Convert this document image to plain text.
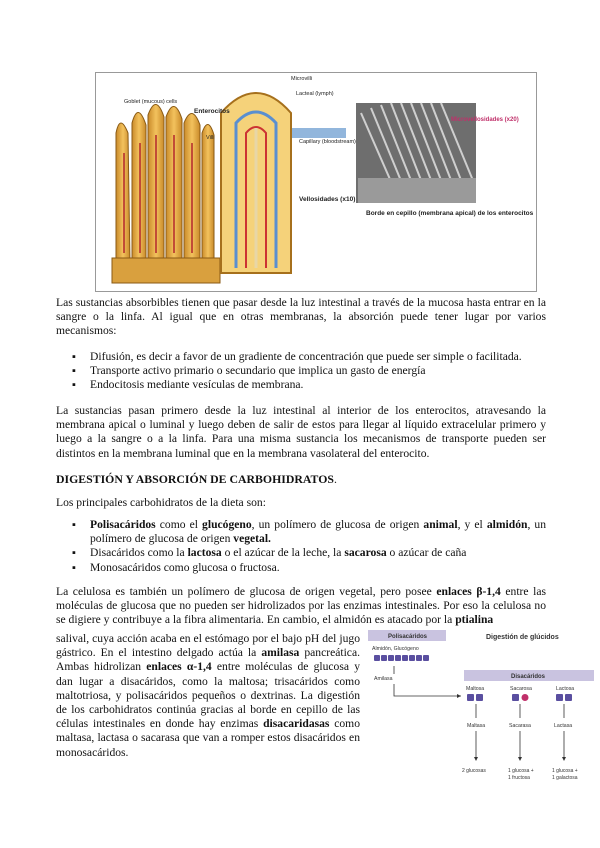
Microvilli
Lacteal (lymph)
Goblet (mucous) cells
Enterocitos
Villi
Capillary (bloodstream)
Vellosidades (x10)
Microvellosidades (x20)
Borde en cepillo (membrana apical) de los enterocitos

Las sustancias absorbibles tienen que pasar desde la luz intestinal a través de la mucosa hasta entrar en la sangre o la linfa. Al igual que en otras membranas, la absorción puede tener lugar por varios mecanismos:

▪ Difusión, es decir a favor de un gradiente de concentración que puede ser simple o facilitada.
▪ Transporte activo primario o secundario que implica un gasto de energía
▪ Endocitosis mediante vesículas de membrana.

La sustancias pasan primero desde la luz intestinal al interior de los enterocitos, atravesando la membrana apical o luminal y luego deben de salir de estos para llegar al líquido extracelular primero y luego a la sangre o a la linfa. Para una misma sustancia los mecanismos de transporte pueden ser distintos en la membrana luminal que en la membrana vasolateral del enterocito.

DIGESTIÓN Y ABSORCIÓN DE CARBOHIDRATOS.

Los principales carbohidratos de la dieta son:

▪ Polisacáridos como el glucógeno, un polímero de glucosa de origen animal, y el almidón, un polímero de glucosa de origen vegetal.
▪ Disacáridos como la lactosa o el azúcar de la leche, la sacarosa o azúcar de caña
▪ Monosacáridos como glucosa o fructosa.

La celulosa es también un polímero de glucosa de origen vegetal, pero posee enlaces β-1,4 entre las moléculas de glucosa que no pueden ser hidrolizados por las enzimas intestinales. Por eso la celulosa no se digiere y contribuye a la fibra alimentaria. En cambio, el almidón es atacado por la ptialina

salival, cuya acción acaba en el estómago por el bajo pH del jugo gástrico. En el intestino delgado actúa la amilasa pancreática. Ambas hidrolizan enlaces α-1,4 entre moléculas de glucosa y dan lugar a disacáridos, como la maltosa; trisacáridos como maltotriosa, y polisacáridos pequeños o dextrinas. La digestión de los carbohidratos continúa gracias al borde en cepillo de las células intestinales en donde hay enzimas disacaridasas como maltasa, lactasa o sacarasa que van a romper estos disacáridos en monosacáridos.

Polisacáridos	Digestión de glúcidos
Almidón, Glucógeno
Amilasa	Disacáridos
Maltosa
Maltasa
2 glucosas
Sacarosa
Sacarasa
1 glucosa +
1 fructosa
Lactosa
Lactasa
1 glucosa +
1 galactosa
